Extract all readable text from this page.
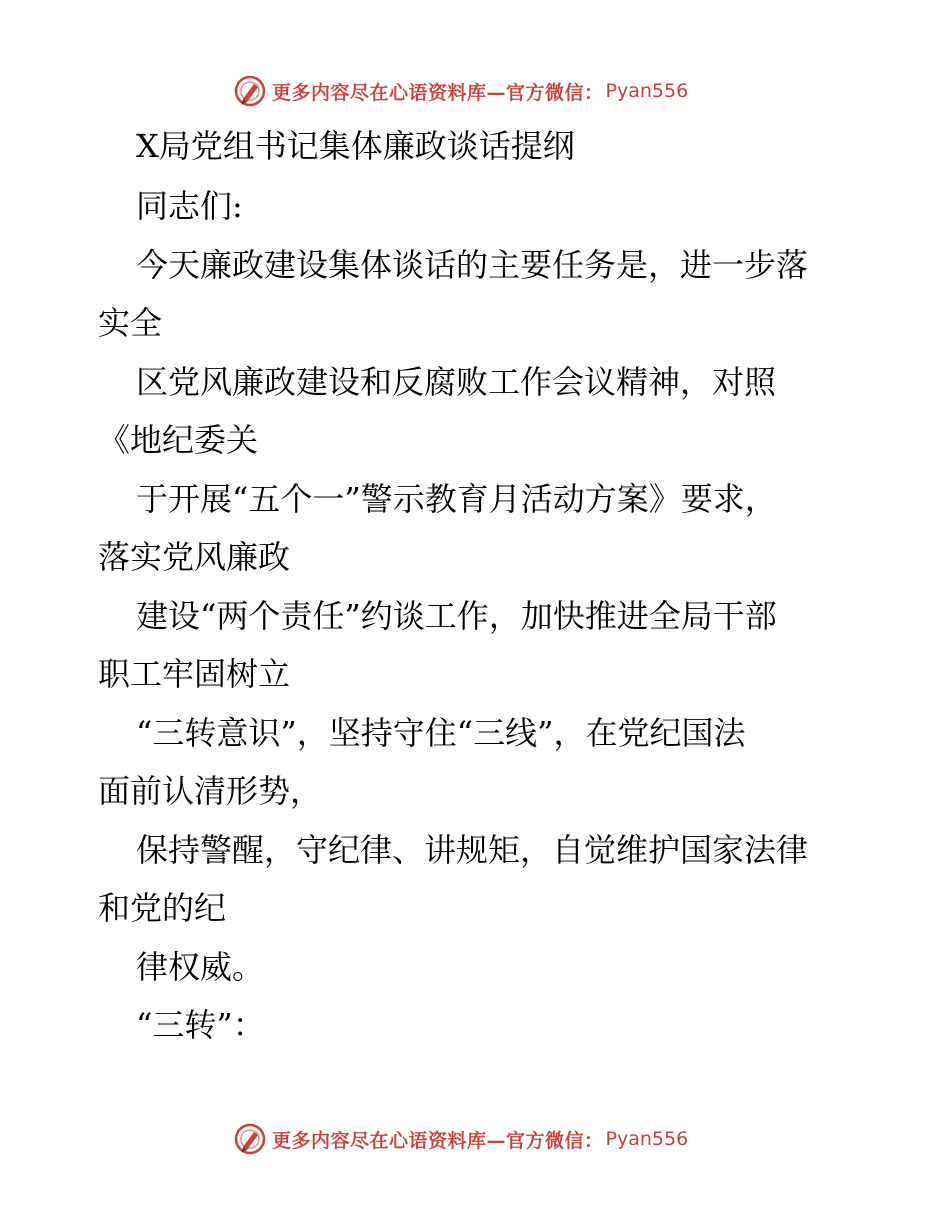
更多内容尽在心语资料库—官方微信： Pyan556
X局党组书记集体廉政谈话提纲
同志们:
今天廉政建设集体谈话的主要任务是，进一步落
实全
区党风廉政建设和反腐败工作会议精神，对照
《地纪委关
于开展“五个一”警示教育月活动方案》要求，
落实党风廉政
建设“两个责任”约谈工作，加快推进全局干部
职工牢固树立
“三转意识”，坚持守住“三线”，在党纪国法
面前认清形势，
保持警醒，守纪律、讲规矩，自觉维护国家法律
和党的纪
律权威。
“三转”：
更多内容尽在心语资料库—官方微信： Pyan556
